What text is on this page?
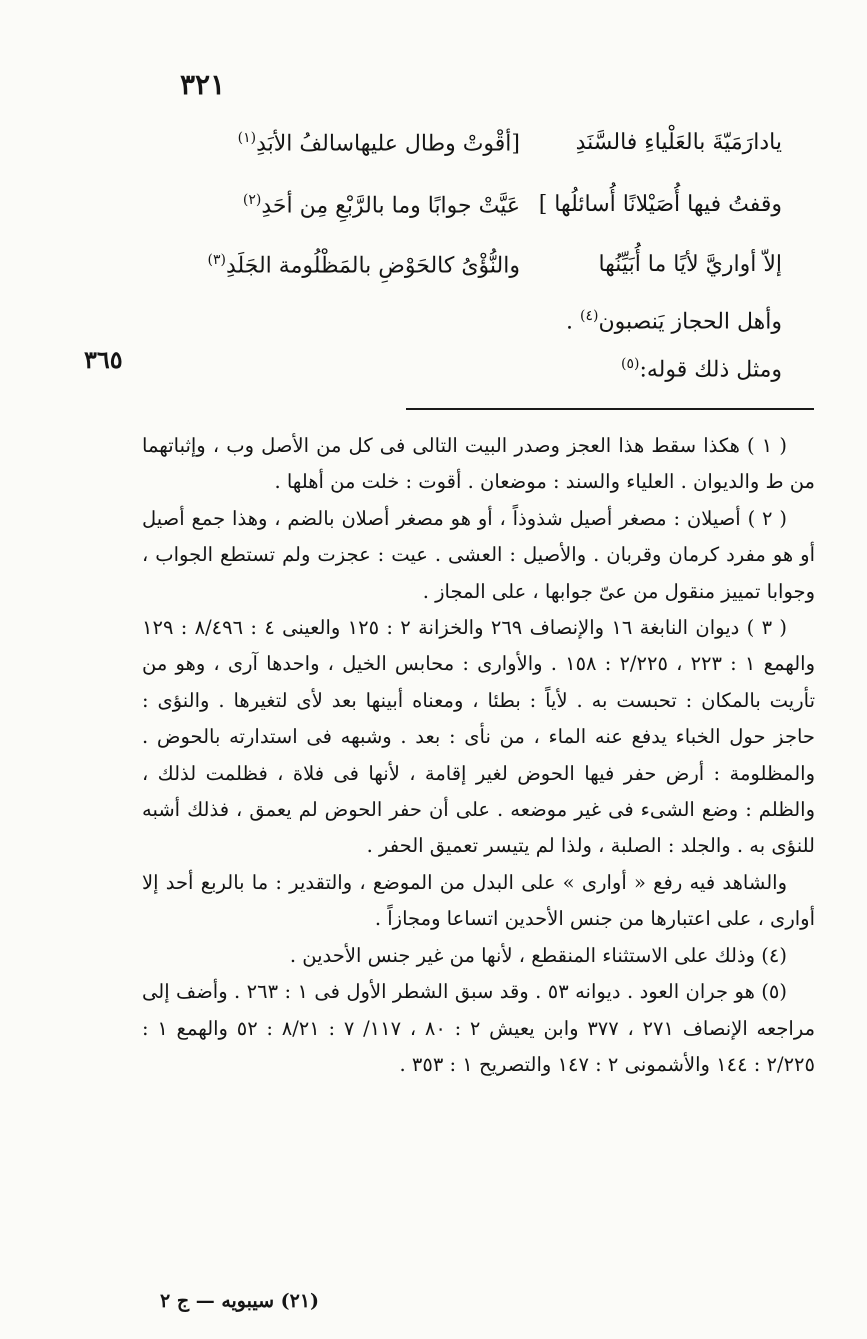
٣٢١
٣٦٥
يادارَمَيّةَ بالعَلْياءِ فالسَّنَدِ
[أقْوتْ وطال عليهاسالفُ الأبَدِ$^{(١)}$
وقفتُ فيها أُصَيْلانًا أُسائلُها ]
عَيَّتْ جوابًا وما بالرَّبْعِ مِن أحَدِ$^{(٢)}$
إلاّ أواريَّ لأيًا ما أُبَيِّنُها
والنُّؤْىُ كالحَوْضِ بالمَظْلُومة الجَلَدِ$^{(٣)}$
وأهل الحجاز يَنصبون$^{(٤)}$ .
ومثل ذلك قوله:$^{(٥)}$

( ١ ) هكذا سقط هذا العجز وصدر البيت التالى فى كل من الأصل وب ، وإثباتهما من ط والديوان . العلياء والسند : موضعان . أقوت : خلت من أهلها .

( ٢ ) أصيلان : مصغر أصيل شذوذاً ، أو هو مصغر أصلان بالضم ، وهذا جمع أصيل أو هو مفرد كرمان وقربان . والأصيل : العشى . عيت : عجزت ولم تستطع الجواب ، وجوابا تمييز منقول من عىّ جوابها ، على المجاز .

( ٣ ) ديوان النابغة ١٦ والإنصاف ٢٦٩ والخزانة ٢ : ١٢٥ والعينى ٤ : ٨/٤٩٦ : ١٢٩ والهمع ١ : ٢٢٣ ، ٢/٢٢٥ : ١٥٨ . والأوارى : محابس الخيل ، واحدها آرى ، وهو من تأريت بالمكان : تحبست به . لأياً : بطئا ، ومعناه أبينها بعد لأى لتغيرها . والنؤى : حاجز حول الخباء يدفع عنه الماء ، من نأى : بعد . وشبهه فى استدارته بالحوض . والمظلومة : أرض حفر فيها الحوض لغير إقامة ، لأنها فى فلاة ، فظلمت لذلك ، والظلم : وضع الشىء فى غير موضعه . على أن حفر الحوض لم يعمق ، فذلك أشبه للنؤى به . والجلد : الصلبة ، ولذا لم يتيسر تعميق الحفر .

والشاهد فيه رفع « أوارى » على البدل من الموضع ، والتقدير : ما بالربع أحد إلا أوارى ، على اعتبارها من جنس الأحدين اتساعا ومجازاً .

(٤) وذلك على الاستثناء المنقطع ، لأنها من غير جنس الأحدين .

(٥) هو جران العود . ديوانه ٥٣ . وقد سبق الشطر الأول فى ١ : ٢٦٣ . وأضف إلى مراجعه الإنصاف ٢٧١ ، ٣٧٧ وابن يعيش ٢ : ٨٠ ، ١١٧/ ٧ : ٨/٢١ : ٥٢ والهمع ١ : ٢/٢٢٥ : ١٤٤ والأشمونى ٢ : ١٤٧ والتصريح ١ : ٣٥٣ .

(٢١) سيبويه — ج ٢
